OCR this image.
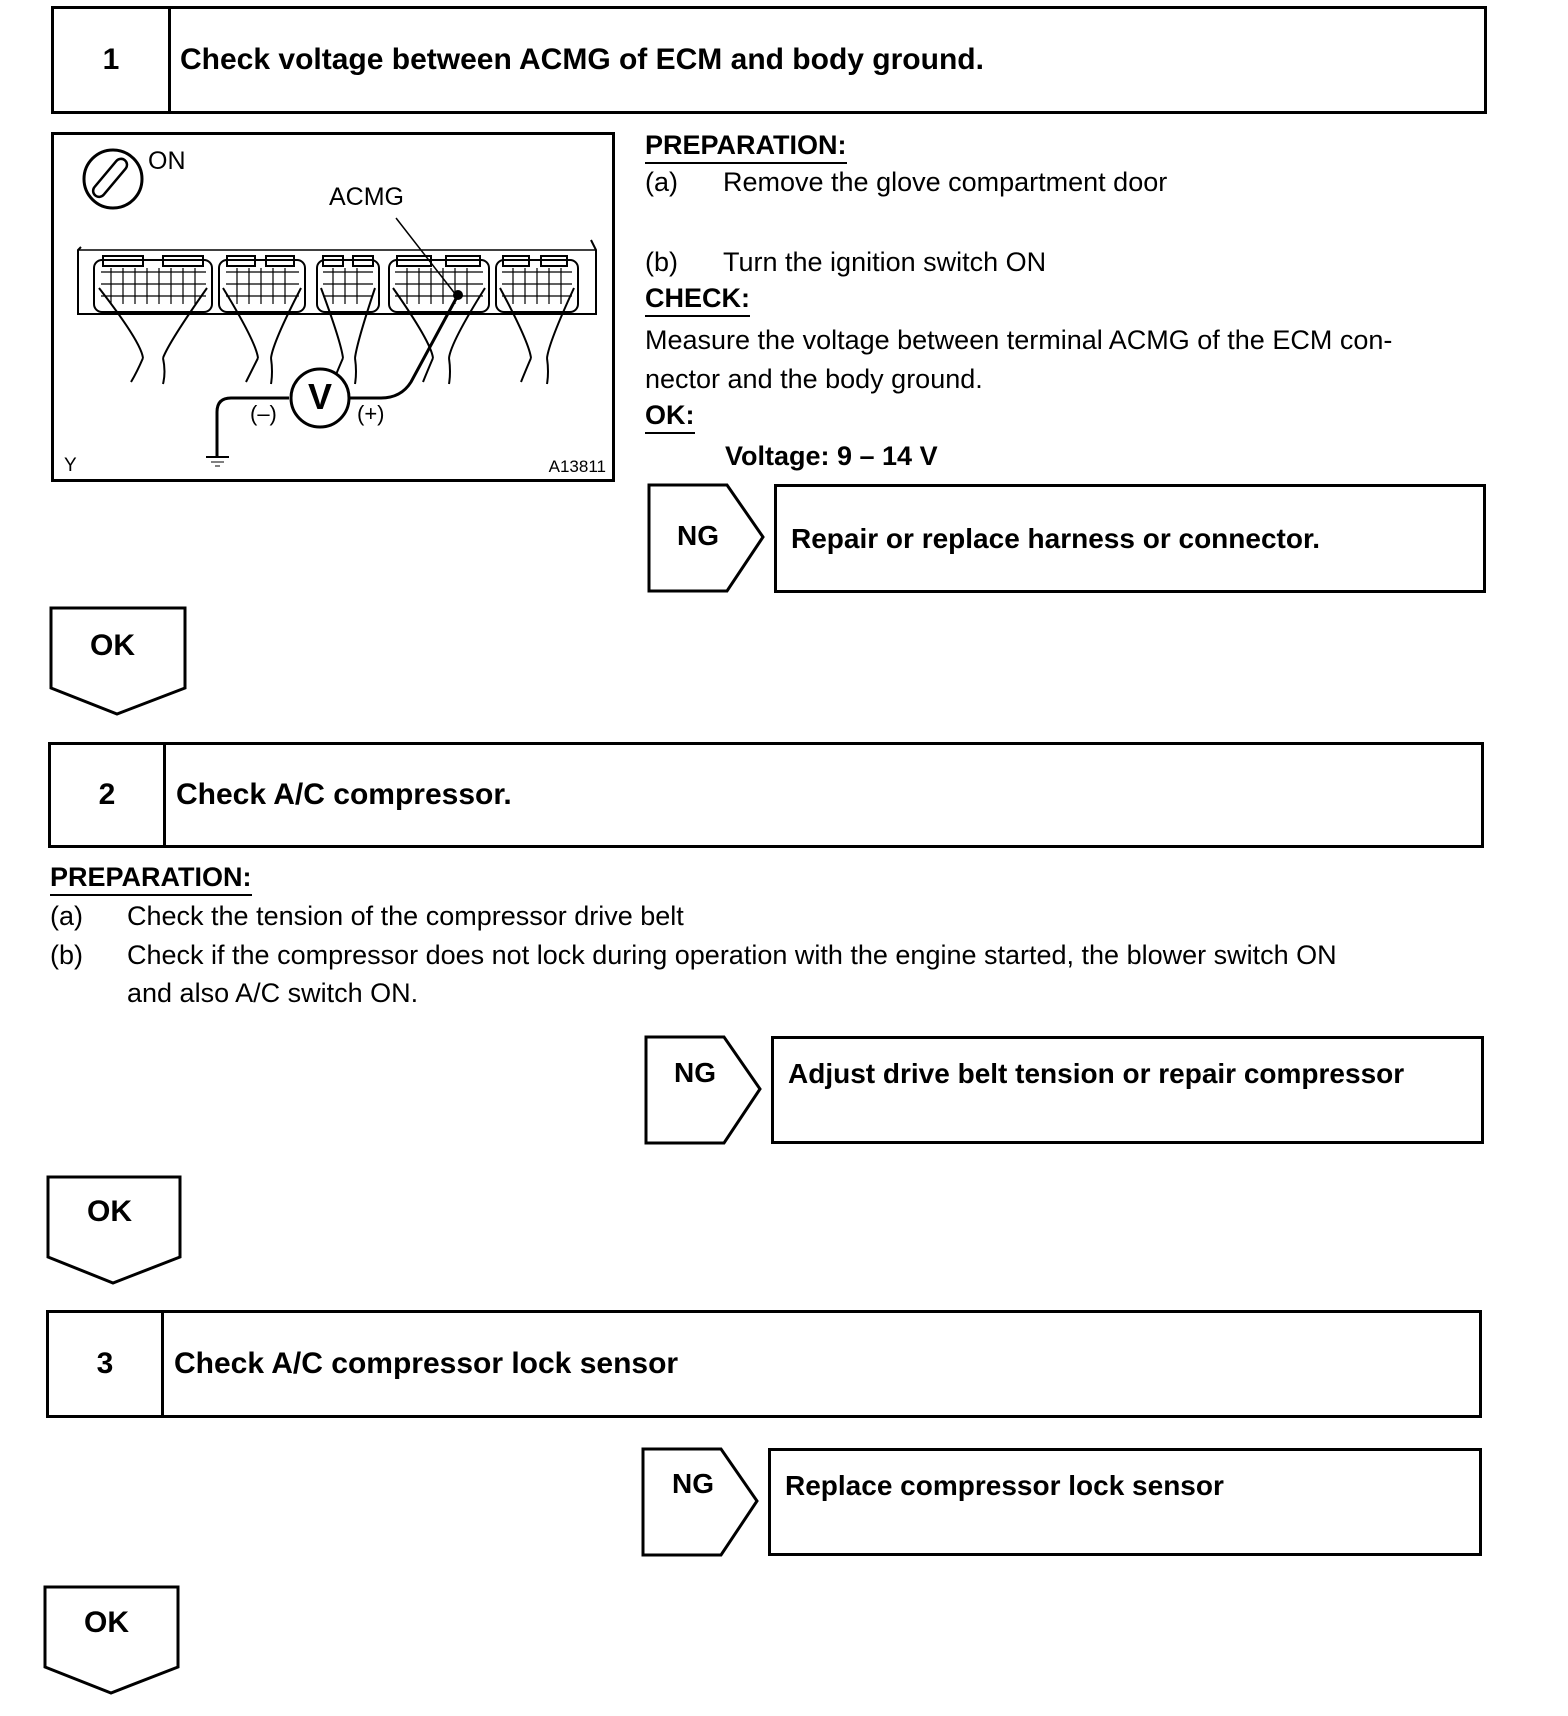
1	Check voltage between ACMG of ECM and body ground.
ON
ACMG
V
(–)	(+)
Y	A13811
PREPARATION:
(a) Remove the glove compartment door
(b) Turn the ignition switch ON
CHECK:
Measure the voltage between terminal ACMG of the ECM con-
nector and the body ground.
OK:
Voltage: 9 – 14 V
NG	Repair or replace harness or connector.
OK
2	Check A/C compressor.
PREPARATION:
(a) Check the tension of the compressor drive belt
(b) Check if the compressor does not lock during operation with the engine started, the blower switch ON
and also A/C switch ON.
NG	Adjust drive belt tension or repair compressor
OK
3	Check A/C compressor lock sensor
NG	Replace compressor lock sensor
OK
